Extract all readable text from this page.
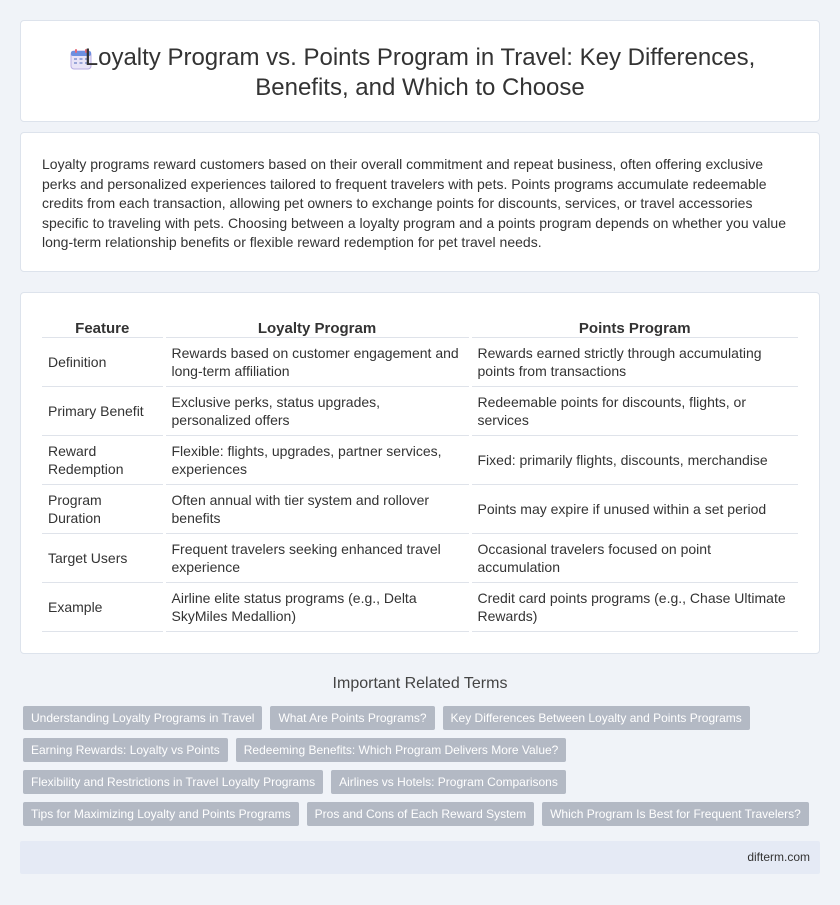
Loyalty Program vs. Points Program in Travel: Key Differences,
Benefits, and Which to Choose

Loyalty programs reward customers based on their overall commitment and repeat business, often offering exclusive perks and personalized experiences tailored to frequent travelers with pets. Points programs accumulate redeemable credits from each transaction, allowing pet owners to exchange points for discounts, services, or travel accessories specific to traveling with pets. Choosing between a loyalty program and a points program depends on whether you value long-term relationship benefits or flexible reward redemption for pet travel needs.

Feature	Loyalty Program	Points Program
Definition	Rewards based on customer engagement and long-term affiliation	Rewards earned strictly through accumulating points from transactions
Primary Benefit	Exclusive perks, status upgrades, personalized offers	Redeemable points for discounts, flights, or services
Reward Redemption	Flexible: flights, upgrades, partner services, experiences	Fixed: primarily flights, discounts, merchandise
Program Duration	Often annual with tier system and rollover benefits	Points may expire if unused within a set period
Target Users	Frequent travelers seeking enhanced travel experience	Occasional travelers focused on point accumulation
Example	Airline elite status programs (e.g., Delta SkyMiles Medallion)	Credit card points programs (e.g., Chase Ultimate Rewards)
Important Related Terms
Understanding Loyalty Programs in Travel	What Are Points Programs?	Key Differences Between Loyalty and Points Programs
Earning Rewards: Loyalty vs Points	Redeeming Benefits: Which Program Delivers More Value?
Flexibility and Restrictions in Travel Loyalty Programs	Airlines vs Hotels: Program Comparisons
Tips for Maximizing Loyalty and Points Programs	Pros and Cons of Each Reward System	Which Program Is Best for Frequent Travelers?
difterm.com
